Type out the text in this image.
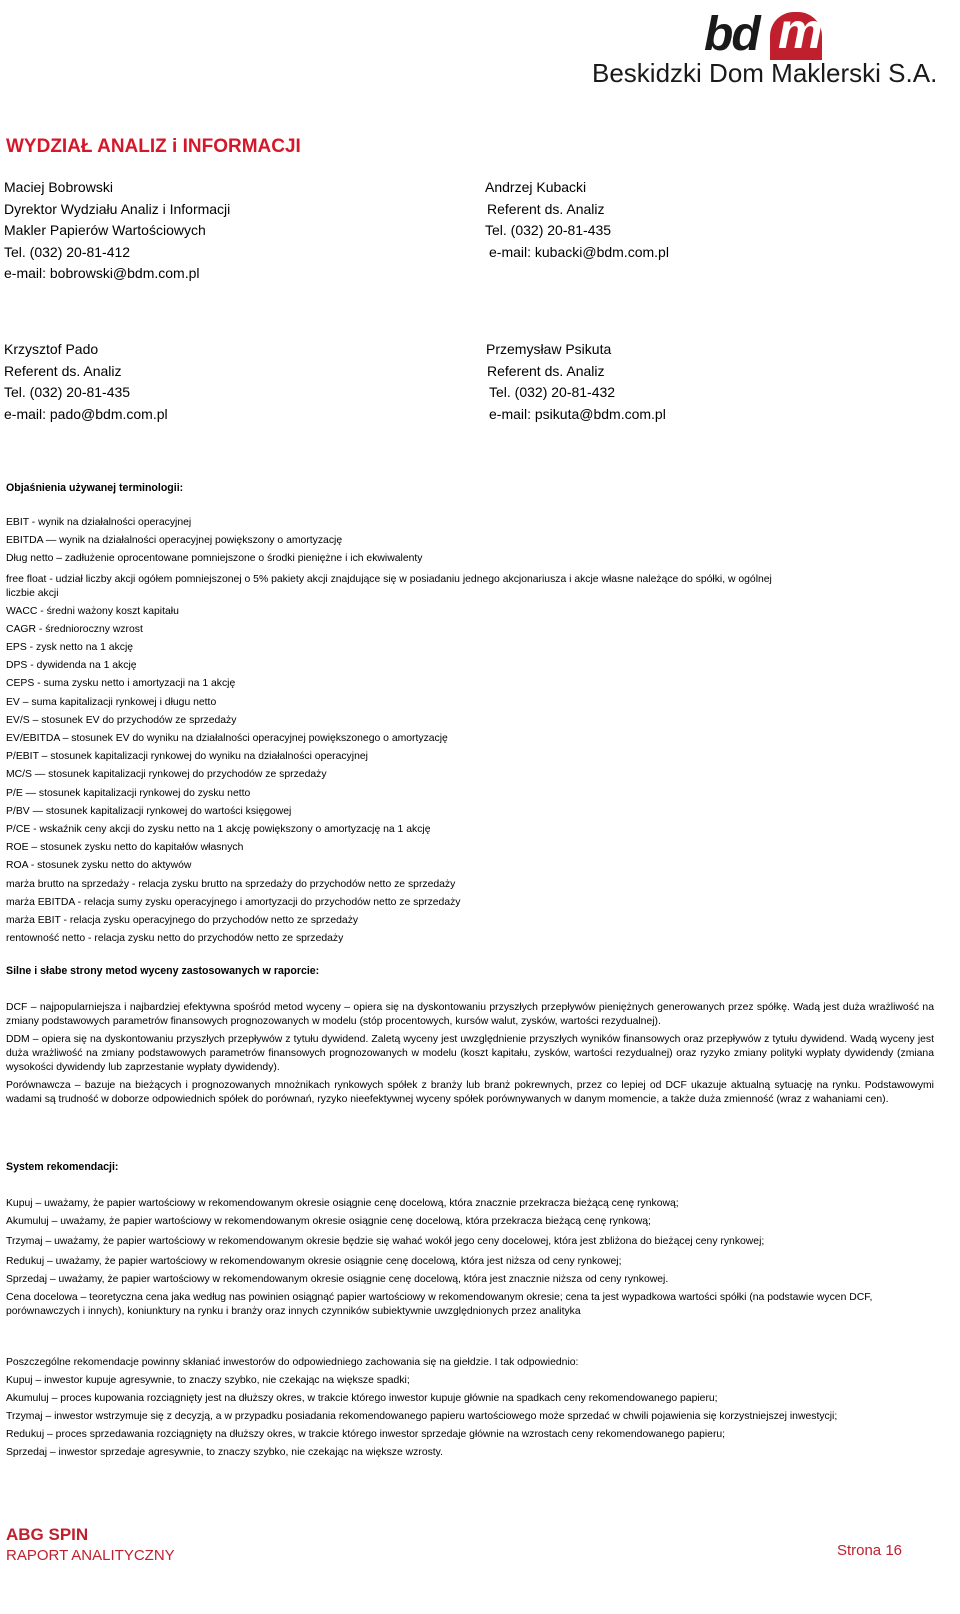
bd m
Beskidzki Dom Maklerski S.A.
WYDZIAŁ ANALIZ i INFORMACJI
Maciej Bobrowski
Dyrektor Wydziału Analiz i Informacji
Makler Papierów Wartościowych
Tel. (032) 20-81-412
e-mail: bobrowski@bdm.com.pl
Andrzej Kubacki
Referent ds. Analiz
Tel. (032) 20-81-435
e-mail: kubacki@bdm.com.pl
Krzysztof Pado
Referent ds. Analiz
Tel. (032) 20-81-435
e-mail: pado@bdm.com.pl
Przemysław Psikuta
Referent ds. Analiz
Tel. (032) 20-81-432
e-mail: psikuta@bdm.com.pl
Objaśnienia używanej terminologii:
EBIT - wynik na działalności operacyjnej
EBITDA — wynik na działalności operacyjnej powiększony o amortyzację
Dług netto – zadłużenie oprocentowane pomniejszone o środki pieniężne i ich ekwiwalenty
free float - udział liczby akcji ogółem pomniejszonej o 5% pakiety akcji znajdujące się w posiadaniu jednego akcjonariusza i akcje własne należące do spółki, w ogólnej
liczbie akcji
WACC - średni ważony koszt kapitału
CAGR - średnioroczny wzrost
EPS - zysk netto na 1 akcję
DPS - dywidenda na 1 akcję
CEPS - suma zysku netto i amortyzacji na 1 akcję
EV – suma kapitalizacji rynkowej i długu netto
EV/S – stosunek EV do przychodów ze sprzedaży
EV/EBITDA – stosunek EV do wyniku na działalności operacyjnej powiększonego o amortyzację
P/EBIT – stosunek kapitalizacji rynkowej do wyniku na działalności operacyjnej
MC/S — stosunek kapitalizacji rynkowej do przychodów ze sprzedaży
P/E — stosunek kapitalizacji rynkowej do zysku netto
P/BV — stosunek kapitalizacji rynkowej do wartości księgowej
P/CE - wskaźnik ceny akcji do zysku netto na 1 akcję powiększony o amortyzację na 1 akcję
ROE – stosunek zysku netto do kapitałów własnych
ROA - stosunek zysku netto do aktywów
marża brutto na sprzedaży - relacja zysku brutto na sprzedaży do przychodów netto ze sprzedaży
marża EBITDA - relacja sumy zysku operacyjnego i amortyzacji do przychodów netto ze sprzedaży
marża EBIT - relacja zysku operacyjnego do przychodów netto ze sprzedaży
rentowność netto - relacja zysku netto do przychodów netto ze sprzedaży
Silne i słabe strony metod wyceny zastosowanych w raporcie:

DCF – najpopularniejsza i najbardziej efektywna spośród metod wyceny – opiera się na dyskontowaniu przyszłych przepływów pieniężnych generowanych przez spółkę. Wadą jest duża wrażliwość na zmiany podstawowych parametrów finansowych prognozowanych w modelu (stóp procentowych, kursów walut, zysków, wartości rezydualnej).

DDM – opiera się na dyskontowaniu przyszłych przepływów z tytułu dywidend. Zaletą wyceny jest uwzględnienie przyszłych wyników finansowych oraz przepływów z tytułu dywidend. Wadą wyceny jest duża wrażliwość na zmiany podstawowych parametrów finansowych prognozowanych w modelu (koszt kapitału, zysków, wartości rezydualnej) oraz ryzyko zmiany polityki wypłaty dywidendy (zmiana wysokości dywidendy lub zaprzestanie wypłaty dywidendy).

Porównawcza – bazuje na bieżących i prognozowanych mnożnikach rynkowych spółek z branży lub branż pokrewnych, przez co lepiej od DCF ukazuje aktualną sytuację na rynku. Podstawowymi wadami są trudność w doborze odpowiednich spółek do porównań, ryzyko nieefektywnej wyceny spółek porównywanych w danym momencie, a także duża zmienność (wraz z wahaniami cen).

System rekomendacji:
Kupuj – uważamy, że papier wartościowy w rekomendowanym okresie osiągnie cenę docelową, która znacznie przekracza bieżącą cenę rynkową;
Akumuluj – uważamy, że papier wartościowy w rekomendowanym okresie osiągnie cenę docelową, która przekracza bieżącą cenę rynkową;
Trzymaj – uważamy, że papier wartościowy w rekomendowanym okresie będzie się wahać wokół jego ceny docelowej, która jest zbliżona do bieżącej ceny rynkowej;
Redukuj – uważamy, że papier wartościowy w rekomendowanym okresie osiągnie cenę docelową, która jest niższa od ceny rynkowej;
Sprzedaj – uważamy, że papier wartościowy w rekomendowanym okresie osiągnie cenę docelową, która jest znacznie niższa od ceny rynkowej.
Cena docelowa – teoretyczna cena jaka według nas powinien osiągnąć papier wartościowy w rekomendowanym okresie; cena ta jest wypadkowa wartości spółki (na podstawie wycen DCF, porównawczych i innych), koniunktury na rynku i branży oraz innych czynników subiektywnie uwzględnionych przez analityka
Poszczególne rekomendacje powinny skłaniać inwestorów do odpowiedniego zachowania się na giełdzie. I tak odpowiednio:
Kupuj – inwestor kupuje agresywnie, to znaczy szybko, nie czekając na większe spadki;
Akumuluj – proces kupowania rozciągnięty jest na dłuższy okres, w trakcie którego inwestor kupuje głównie na spadkach ceny rekomendowanego papieru;
Trzymaj – inwestor wstrzymuje się z decyzją, a w przypadku posiadania rekomendowanego papieru wartościowego może sprzedać w chwili pojawienia się korzystniejszej inwestycji;
Redukuj – proces sprzedawania rozciągnięty na dłuższy okres, w trakcie którego inwestor sprzedaje głównie na wzrostach ceny rekomendowanego papieru;
Sprzedaj – inwestor sprzedaje agresywnie, to znaczy szybko, nie czekając na większe wzrosty.
ABG SPIN
RAPORT ANALITYCZNY	Strona 16
